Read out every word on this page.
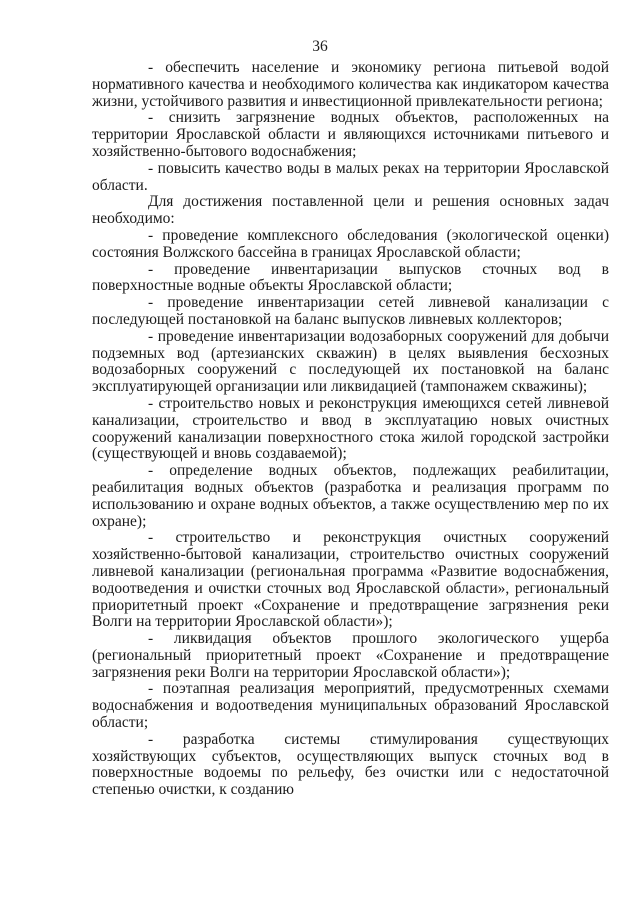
36

- обеспечить население и экономику региона питьевой водой нормативного качества и необходимого количества как индикатором качества жизни, устойчивого развития и инвестиционной привлекательности региона;

- снизить загрязнение водных объектов, расположенных на территории Ярославской области и являющихся источниками питьевого и хозяйственно-бытового водоснабжения;

- повысить качество воды в малых реках на территории Ярославской области.

Для достижения поставленной цели и решения основных задач необходимо:

- проведение комплексного обследования (экологической оценки) состояния Волжского бассейна в границах Ярославской области;

- проведение инвентаризации выпусков сточных вод в поверхностные водные объекты Ярославской области;

- проведение инвентаризации сетей ливневой канализации с последующей постановкой на баланс выпусков ливневых коллекторов;

- проведение инвентаризации водозаборных сооружений для добычи подземных вод (артезианских скважин) в целях выявления бесхозных водозаборных сооружений с последующей их постановкой на баланс эксплуатирующей организации или ликвидацией (тампонажем скважины);

- строительство новых и реконструкция имеющихся сетей ливневой канализации, строительство и ввод в эксплуатацию новых очистных сооружений канализации поверхностного стока жилой городской застройки (существующей и вновь создаваемой);

- определение водных объектов, подлежащих реабилитации, реабилитация водных объектов (разработка и реализация программ по использованию и охране водных объектов, а также осуществлению мер по их охране);

- строительство и реконструкция очистных сооружений хозяйственно-бытовой канализации, строительство очистных сооружений ливневой канализации (региональная программа «Развитие водоснабжения, водоотведения и очистки сточных вод Ярославской области», региональный приоритетный проект «Сохранение и предотвращение загрязнения реки Волги на территории Ярославской области»);

- ликвидация объектов прошлого экологического ущерба (региональный приоритетный проект «Сохранение и предотвращение загрязнения реки Волги на территории Ярославской области»);

- поэтапная реализация мероприятий, предусмотренных схемами водоснабжения и водоотведения муниципальных образований Ярославской области;

- разработка системы стимулирования существующих хозяйствующих субъектов, осуществляющих выпуск сточных вод в поверхностные водоемы по рельефу, без очистки или с недостаточной степенью очистки, к созданию
